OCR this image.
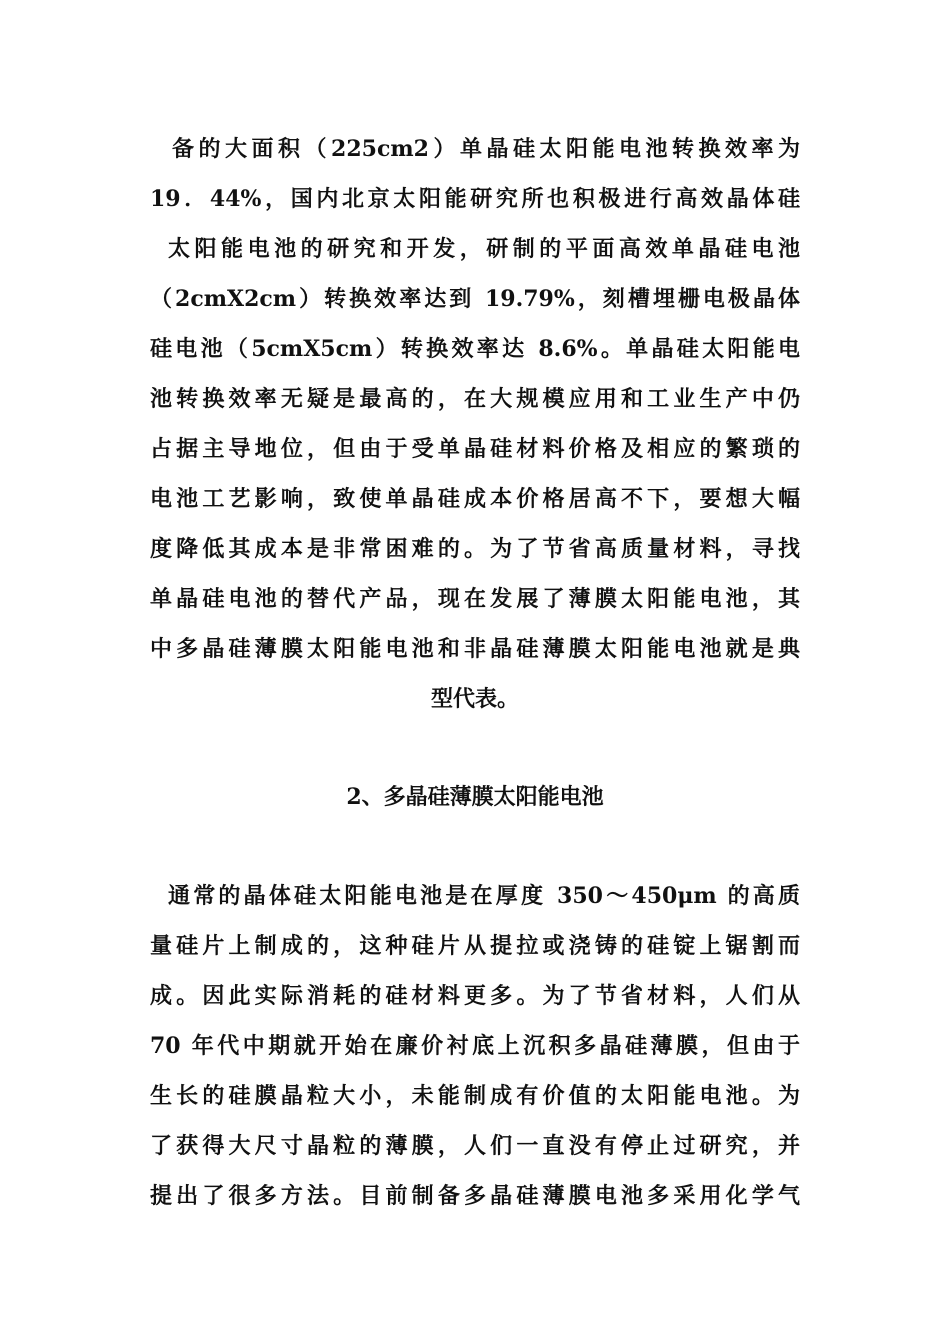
备的大面积（225cm2）单晶硅太阳能电池转换效率为
19．44%，国内北京太阳能研究所也积极进行高效晶体硅
太阳能电池的研究和开发，研制的平面高效单晶硅电池
（2cmX2cm）转换效率达到 19.79%，刻槽埋栅电极晶体
硅电池（5cmX5cm）转换效率达 8.6%。单晶硅太阳能电
池转换效率无疑是最高的，在大规模应用和工业生产中仍
占据主导地位，但由于受单晶硅材料价格及相应的繁琐的
电池工艺影响，致使单晶硅成本价格居高不下，要想大幅
度降低其成本是非常困难的。为了节省高质量材料，寻找
单晶硅电池的替代产品，现在发展了薄膜太阳能电池，其
中多晶硅薄膜太阳能电池和非晶硅薄膜太阳能电池就是典
型代表。
2、多晶硅薄膜太阳能电池
通常的晶体硅太阳能电池是在厚度 350～450μm 的高质
量硅片上制成的，这种硅片从提拉或浇铸的硅锭上锯割而
成。因此实际消耗的硅材料更多。为了节省材料，人们从
70 年代中期就开始在廉价衬底上沉积多晶硅薄膜，但由于
生长的硅膜晶粒大小，未能制成有价值的太阳能电池。为
了获得大尺寸晶粒的薄膜，人们一直没有停止过研究，并
提出了很多方法。目前制备多晶硅薄膜电池多采用化学气
